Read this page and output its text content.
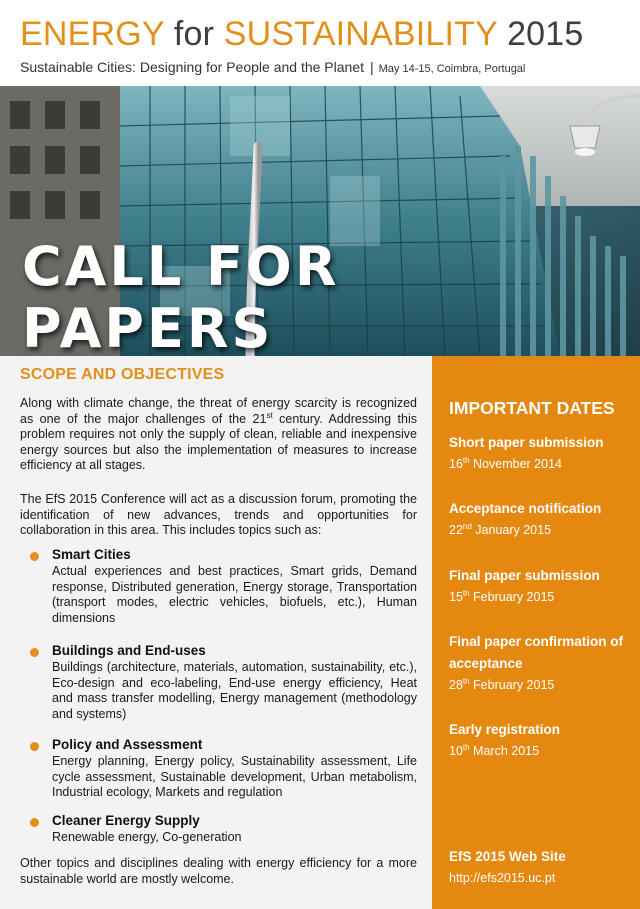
ENERGY for SUSTAINABILITY 2015
Sustainable Cities: Designing for People and the Planet | May 14-15, Coimbra, Portugal
CALL FOR
PAPERS
SCOPE AND OBJECTIVES

Along with climate change, the threat of energy scarcity is recognized as one of the major challenges of the 21st century. Addressing this problem requires not only the supply of clean, reliable and inexpensive energy sources but also the implementation of measures to increase efficiency at all stages.

The EfS 2015 Conference will act as a discussion forum, promoting the identification of new advances, trends and opportunities for collaboration in this area. This includes topics such as:

Smart Cities
Actual experiences and best practices, Smart grids, Demand response, Distributed generation, Energy storage, Transportation (transport modes, electric vehicles, biofuels, etc.), Human dimensions
Buildings and End-uses
Buildings (architecture, materials, automation, sustainability, etc.), Eco-design and eco-labeling, End-use energy efficiency, Heat and mass transfer modelling, Energy management (methodology and systems)
Policy and Assessment
Energy planning, Energy policy, Sustainability assessment, Life cycle assessment, Sustainable development, Urban metabolism, Industrial ecology, Markets and regulation
Cleaner Energy Supply
Renewable energy, Co-generation

Other topics and disciplines dealing with energy efficiency for a more sustainable world are mostly welcome.

IMPORTANT DATES
Short paper submission
16th November 2014
Acceptance notification
22nd January 2015
Final paper submission
15th February 2015
Final paper confirmation of acceptance
28th February 2015
Early registration
10th March 2015
EfS 2015 Web Site
http://efs2015.uc.pt
